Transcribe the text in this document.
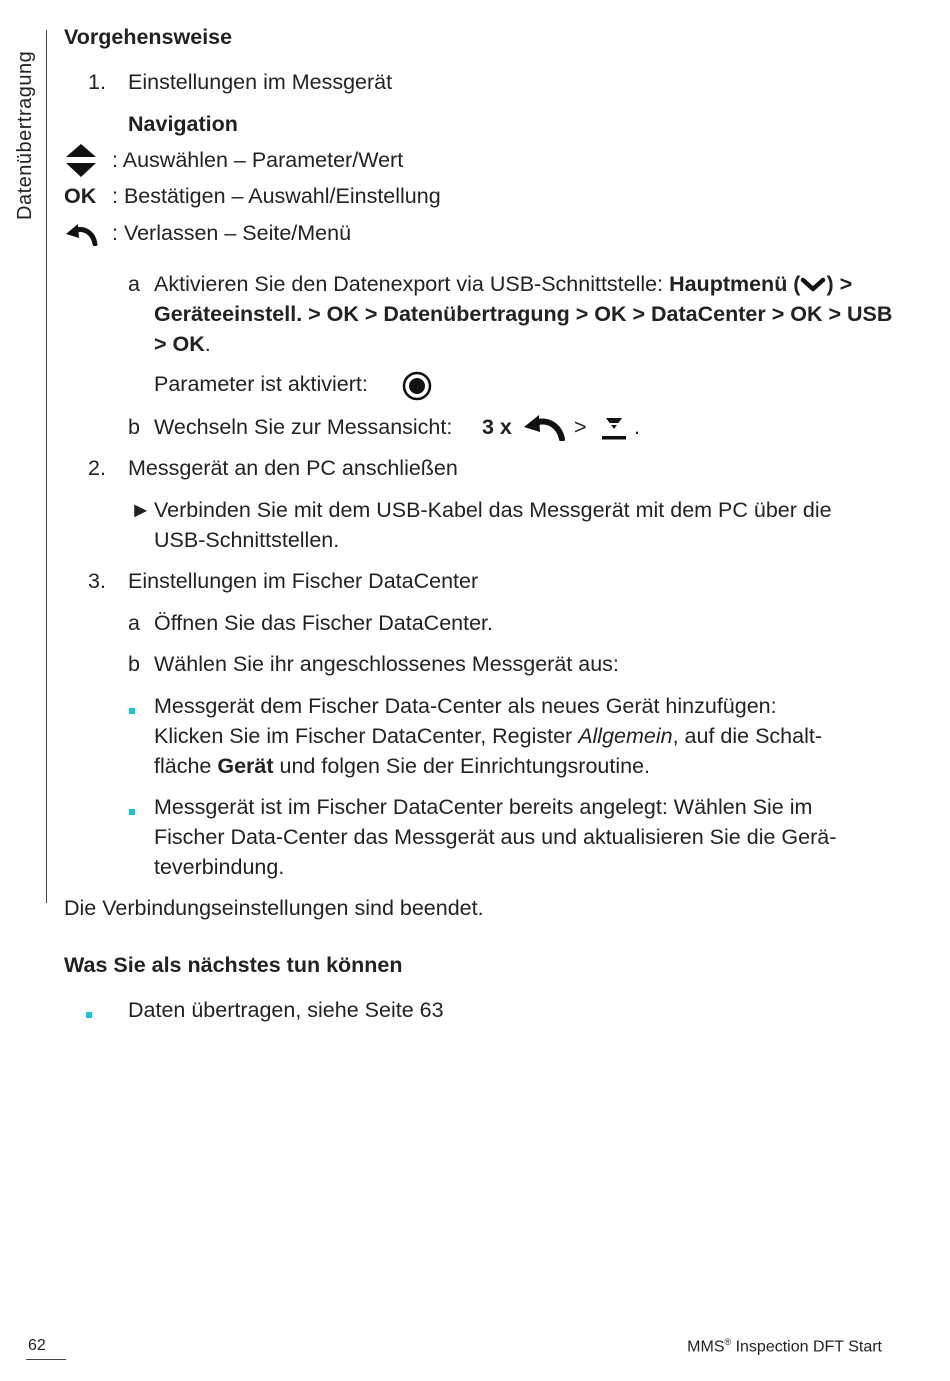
Datenübertragung
Vorgehensweise
1. Einstellungen im Messgerät
Navigation
: Auswählen – Parameter/Wert
OK : Bestätigen – Auswahl/Einstellung
: Verlassen – Seite/Menü
a Aktivieren Sie den Datenexport via USB-Schnittstelle: Hauptmenü ( ) >
Geräteeinstell. > OK > Datenübertragung > OK > DataCenter > OK > USB
> OK.
Parameter ist aktiviert:
b Wechseln Sie zur Messansicht: 3 x	> .
2. Messgerät an den PC anschließen
► Verbinden Sie mit dem USB-Kabel das Messgerät mit dem PC über die
USB-Schnittstellen.
3. Einstellungen im Fischer DataCenter
a Öffnen Sie das Fischer DataCenter.
b Wählen Sie ihr angeschlossenes Messgerät aus:
Messgerät dem Fischer Data-Center als neues Gerät hinzufügen:
Klicken Sie im Fischer DataCenter, Register Allgemein, auf die Schalt-
fläche Gerät und folgen Sie der Einrichtungsroutine.
Messgerät ist im Fischer DataCenter bereits angelegt: Wählen Sie im
Fischer Data-Center das Messgerät aus und aktualisieren Sie die Gerä-
teverbindung.
Die Verbindungseinstellungen sind beendet.
Was Sie als nächstes tun können
Daten übertragen, siehe Seite 63
62	MMS® Inspection DFT Start
